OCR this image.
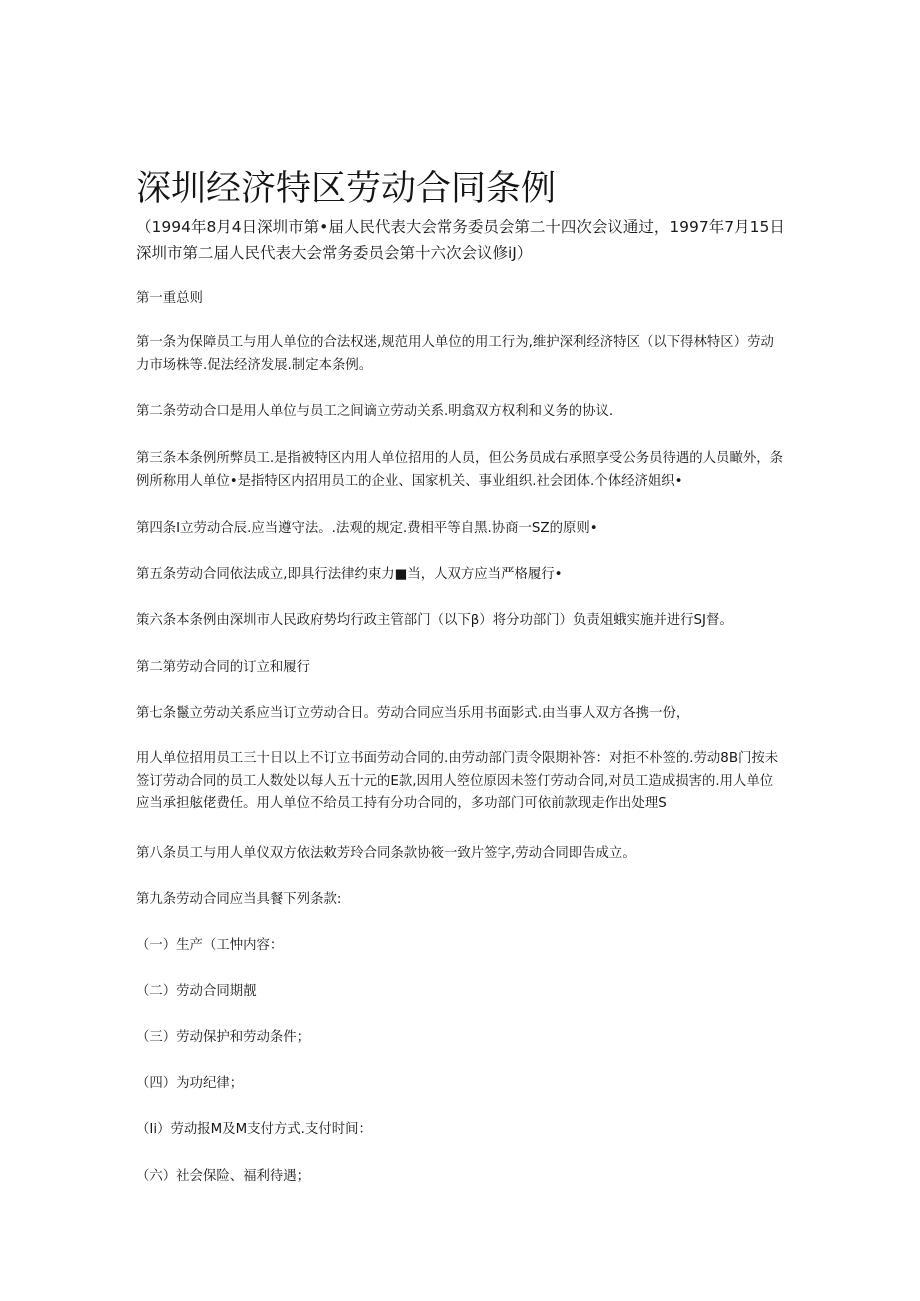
深圳经济特区劳动合同条例
（1994年8月4日深圳市第•届人民代表大会常务委员会第二十四次会议通过，1997年7月15日深圳市第二届人民代表大会常务委员会第十六次会议修iJ）
第一重总则
第一条为保障员工与用人单位的合法权迷,规范用人单位的用工行为,维护深利经济特区（以下得林特区）劳动力市场株等.促法经济发展.制定本条例。
第二条劳动合口是用人单位与员工之间谪立劳动关系.明翕双方权利和义务的协议.
第三条本条例所弊员工.是指被特区内用人单位招用的人员，但公务员成右承照享受公务员待遇的人员瞰外，条例所称用人单位•是指特区内招用员工的企业、国家机关、事业组织.社会团体.个体经济姐织•
第四条Ⅰ立劳动合辰.应当遵守法。.法观的规定.费相平等自黑.协商一SZ的原则•
第五条劳动合同依法成立,即具行法律约束力■当，人双方应当严格履行•
策六条本条例由深圳市人民政府势均行政主管部门（以下β）将分功部门）负责俎蛾实施并进行SJ督。
第二第劳动合同的订立和履行
第七条鬣立劳动关系应当订立劳动合日。劳动合同应当乐用书面影式.由当事人双方各携一份，
用人单位招用员工三十日以上不订立书面劳动合同的.由劳动部门责令限期补答：对拒不朴签的.劳动8B门按未签订劳动合同的员工人数处以每人五十元的E款,因用人箜位原因未签仃劳动合同,对员工造成损害的.用人单位应当承担舷佬费任。用人单位不给员工持有分功合同的，多功部门可依前款现走作出处理S
第八条员工与用人单仪双方依法敕芳玲合同条款协筱一致片签字,劳动合同即告成立。
第九条劳动合同应当具餐下列条款:
（一）生产（工忡内容：
（二）劳动合同期靓
（三）劳动保护和劳动条件；
（四）为功纪律；
（Ii）劳动报M及M支付方式.支付时间：
（六）社会保险、福利待遇；
